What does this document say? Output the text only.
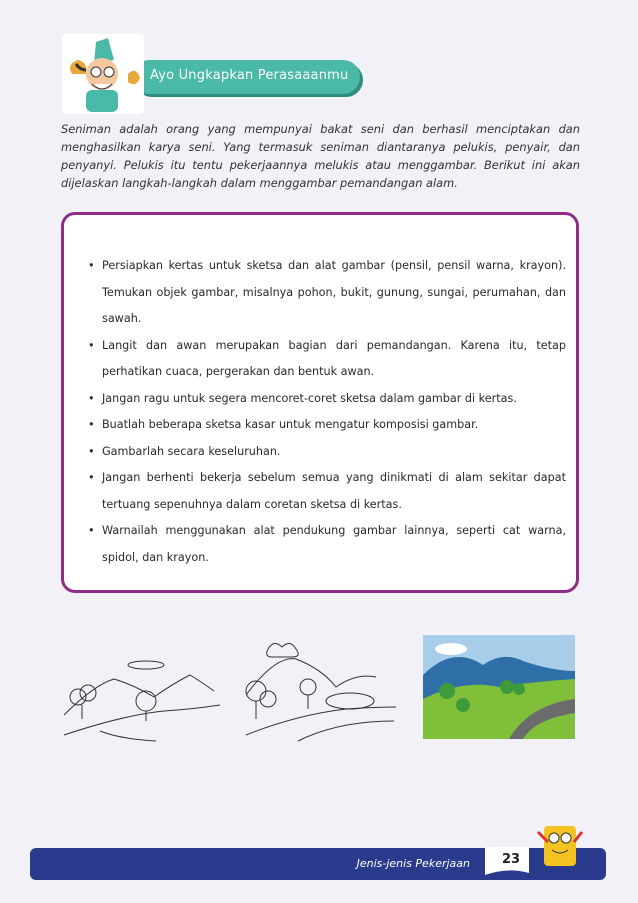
Ayo Ungkapkan Perasaaanmu
Seniman adalah orang yang mempunyai bakat seni dan berhasil menciptakan dan menghasilkan karya seni. Yang termasuk seniman diantaranya pelukis, penyair, dan penyanyi. Pelukis itu tentu pekerjaannya melukis atau menggambar. Berikut ini akan dijelaskan langkah-langkah dalam menggambar pemandangan alam.
• Persiapkan kertas untuk sketsa dan alat gambar (pensil, pensil warna, krayon). Temukan objek gambar, misalnya pohon, bukit, gunung, sungai, perumahan, dan sawah.
• Langit dan awan merupakan bagian dari pemandangan. Karena itu, tetap perhatikan cuaca, pergerakan dan bentuk awan.
• Jangan ragu untuk segera mencoret-coret sketsa dalam gambar di kertas.
• Buatlah beberapa sketsa kasar untuk mengatur komposisi gambar.
• Gambarlah secara keseluruhan.
• Jangan berhenti bekerja sebelum semua yang dinikmati di alam sekitar dapat tertuang sepenuhnya dalam coretan sketsa di kertas.
• Warnailah menggunakan alat pendukung gambar lainnya, seperti cat warna, spidol, dan krayon.
Jenis-jenis Pekerjaan	23
